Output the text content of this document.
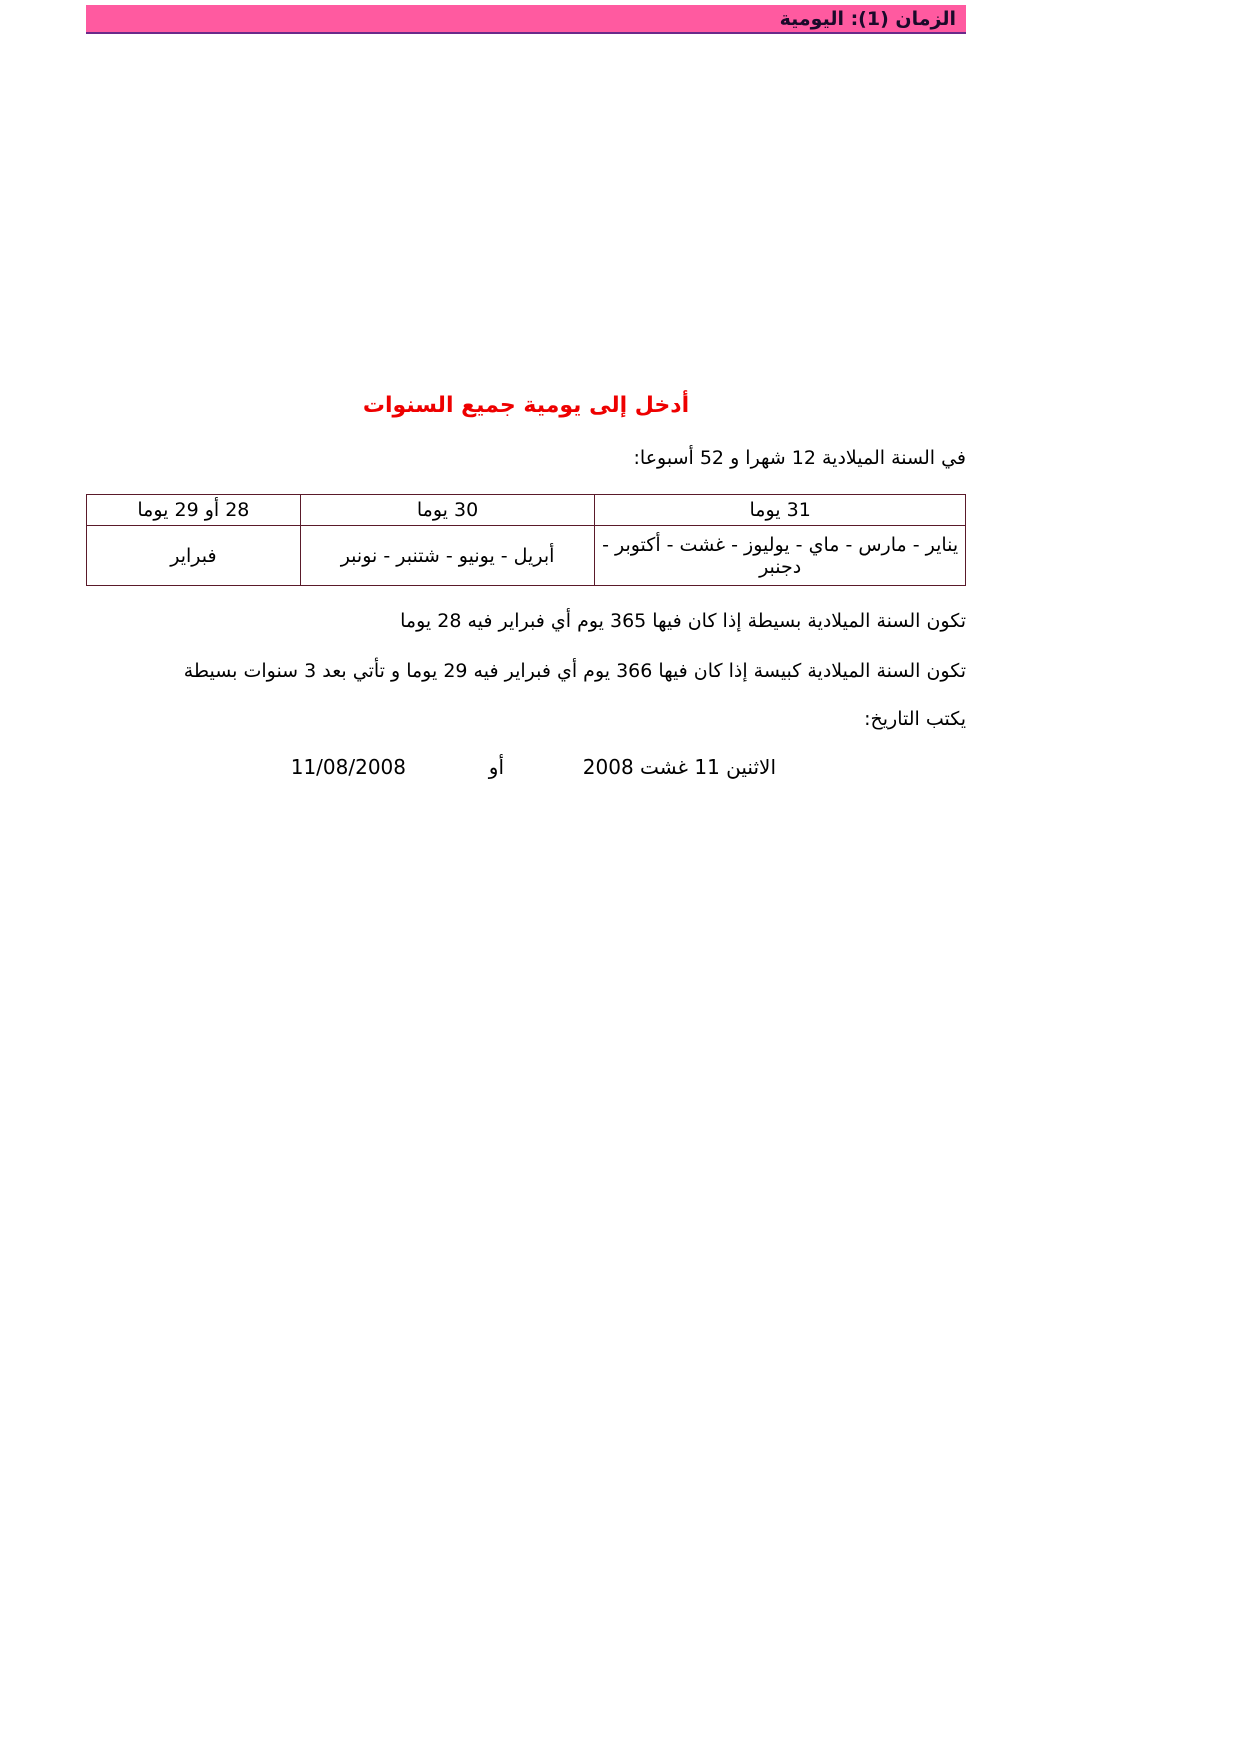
الزمان (1): اليومية
أدخل إلى يومية جميع السنوات
في السنة الميلادية 12 شهرا و 52 أسبوعا:
31 يوما	30 يوما	28 أو 29 يوما
يناير - مارس - ماي - يوليوز - غشت - أكتوبر - دجنبر	أبريل - يونيو - شتنبر - نونبر	فبراير
تكون السنة الميلادية بسيطة إذا كان فيها 365 يوم أي فبراير فيه 28 يوما
تكون السنة الميلادية كبيسة إذا كان فيها 366 يوم أي فبراير فيه 29 يوما و تأتي بعد 3 سنوات بسيطة
يكتب التاريخ:
الاثنين 11 غشت 2008
أو
11/08/2008
